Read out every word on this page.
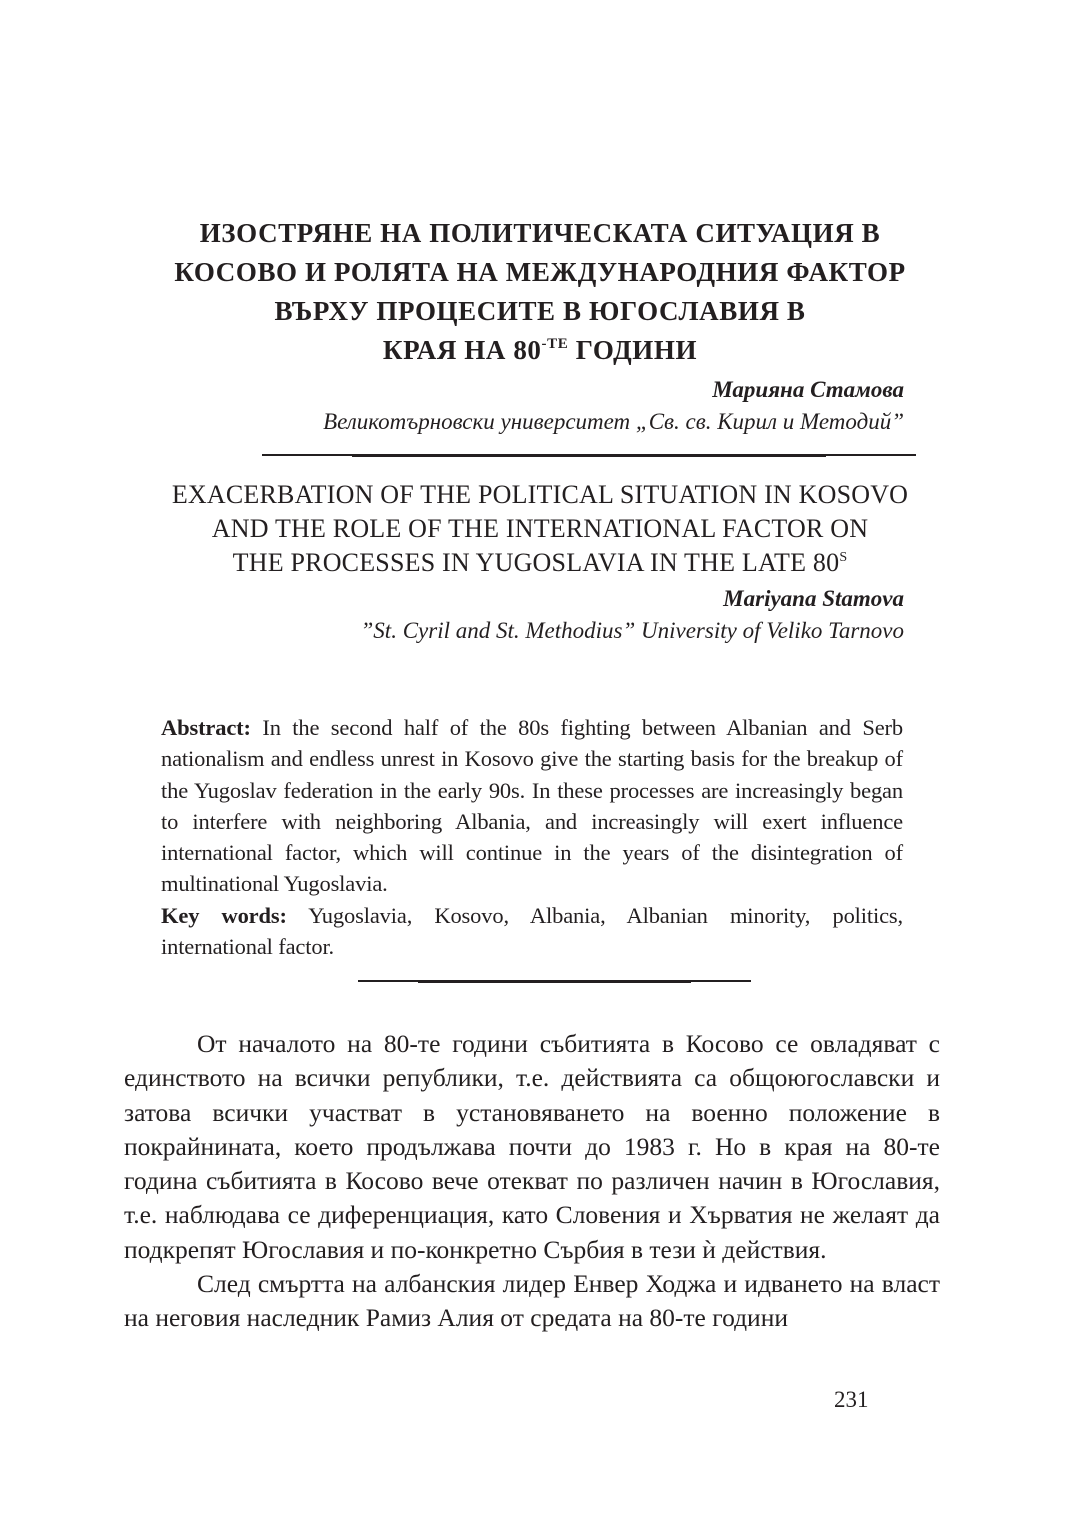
ИЗОСТРЯНЕ НА ПОЛИТИЧЕСКАТА СИТУАЦИЯ В
КОСОВО И РОЛЯТА НА МЕЖДУНАРОДНИЯ ФАКТОР
ВЪРХУ ПРОЦЕСИТЕ В ЮГОСЛАВИЯ В
КРАЯ НА $80^{-ТЕ}$ ГОДИНИ
Марияна Стамова
Великотърновски университет „Св. св. Кирил и Методий”
EXACERBATION OF THE POLITICAL SITUATION IN KOSOVO
AND THE ROLE OF THE INTERNATIONAL FACTOR ON
THE PROCESSES IN YUGOSLAVIA IN THE LATE $80^S$
Mariyana Stamova
”St. Cyril and St. Methodius” University of Veliko Tarnovo

Abstract: In the second half of the 80s fighting between Albanian and Serb nationalism and endless unrest in Kosovo give the starting basis for the breakup of the Yugoslav federation in the early 90s. In these processes are increasingly began to interfere with neighboring Albania, and increasingly will exert influence international factor, which will continue in the years of the disintegration of multinational Yugoslavia.

Key words: Yugoslavia, Kosovo, Albania, Albanian minority, politics, international factor.

От началото на 80-те години събитията в Косово се овладяват с единството на всички републики, т.е. действията са общоюгославски и затова всички участват в установяването на военно положение в покрайнината, което продължава почти до 1983 г. Но в края на 80-те година събитията в Косово вече отекват по различен начин в Югославия, т.е. наблюдава се диференциация, като Словения и Хърватия не желаят да подкрепят Югославия и по-конкретно Сърбия в тези ѝ действия.

След смъртта на албанския лидер Енвер Ходжа и идването на власт на неговия наследник Рамиз Алия от средата на 80-те години

231
